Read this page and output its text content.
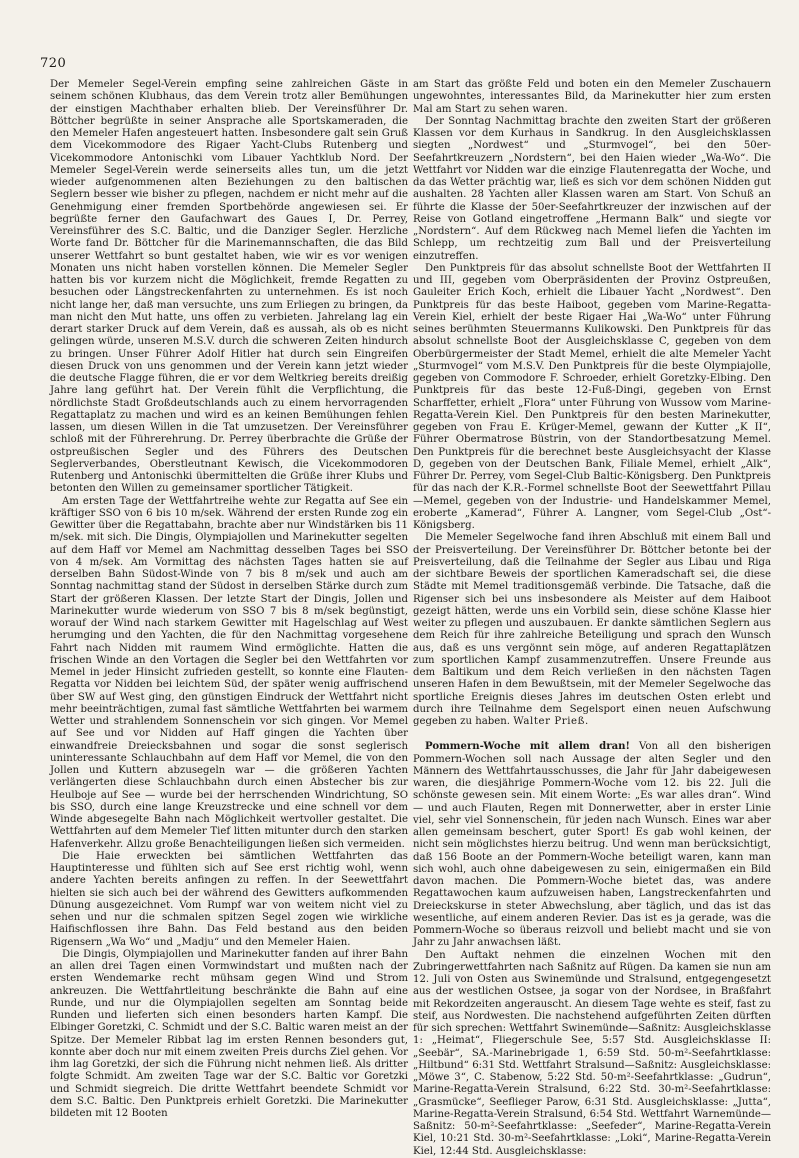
720

Der Memeler Segel-Verein empfing seine zahlreichen Gäste in seinem schönen Klubhaus, das dem Verein trotz aller Bemühungen der einstigen Machthaber erhalten blieb. Der Vereinsführer Dr. Böttcher begrüßte in seiner Ansprache alle Sportskameraden, die den Memeler Hafen angesteuert hatten. Insbesondere galt sein Gruß dem Vicekommodore des Rigaer Yacht-Clubs Rutenberg und Vicekommodore Antonischki vom Libauer Yachtklub Nord. Der Memeler Segel-Verein werde seinerseits alles tun, um die jetzt wieder aufgenommenen alten Beziehungen zu den baltischen Seglern besser wie bisher zu pflegen, nachdem er nicht mehr auf die Genehmigung einer fremden Sportbehörde angewiesen sei. Er begrüßte ferner den Gaufachwart des Gaues I, Dr. Perrey, Vereinsführer des S.C. Baltic, und die Danziger Segler. Herzliche Worte fand Dr. Böttcher für die Marinemannschaften, die das Bild unserer Wettfahrt so bunt gestaltet haben, wie wir es vor wenigen Monaten uns nicht haben vorstellen können. Die Memeler Segler hatten bis vor kurzem nicht die Möglichkeit, fremde Regatten zu besuchen oder Längstreckenfahrten zu unternehmen. Es ist noch nicht lange her, daß man versuchte, uns zum Erliegen zu bringen, da man nicht den Mut hatte, uns offen zu verbieten. Jahrelang lag ein derart starker Druck auf dem Verein, daß es aussah, als ob es nicht gelingen würde, unseren M.S.V. durch die schweren Zeiten hindurch zu bringen. Unser Führer Adolf Hitler hat durch sein Eingreifen diesen Druck von uns genommen und der Verein kann jetzt wieder die deutsche Flagge führen, die er vor dem Weltkrieg bereits dreißig Jahre lang geführt hat. Der Verein fühlt die Verpflichtung, die nördlichste Stadt Großdeutschlands auch zu einem hervorragenden Regattaplatz zu machen und wird es an keinen Bemühungen fehlen lassen, um diesen Willen in die Tat umzusetzen. Der Vereinsführer schloß mit der Führerehrung. Dr. Perrey überbrachte die Grüße der ostpreußischen Segler und des Führers des Deutschen Seglerverbandes, Oberstleutnant Kewisch, die Vicekommodoren Rutenberg und Antonischki übermittelten die Grüße ihrer Klubs und betonten den Willen zu gemeinsamer sportlicher Tätigkeit.

Am ersten Tage der Wettfahrtreihe wehte zur Regatta auf See ein kräftiger SSO von 6 bis 10 m/sek. Während der ersten Runde zog ein Gewitter über die Regattabahn, brachte aber nur Windstärken bis 11 m/sek. mit sich. Die Dingis, Olympiajollen und Marinekutter segelten auf dem Haff vor Memel am Nachmittag desselben Tages bei SSO von 4 m/sek. Am Vormittag des nächsten Tages hatten sie auf derselben Bahn Südost-Winde von 7 bis 8 m/sek und auch am Sonntag nachmittag stand der Südost in derselben Stärke durch zum Start der größeren Klassen. Der letzte Start der Dingis, Jollen und Marinekutter wurde wiederum von SSO 7 bis 8 m/sek begünstigt, worauf der Wind nach starkem Gewitter mit Hagelschlag auf West herumging und den Yachten, die für den Nachmittag vorgesehene Fahrt nach Nidden mit raumem Wind ermöglichte. Hatten die frischen Winde an den Vortagen die Segler bei den Wettfahrten vor Memel in jeder Hinsicht zufrieden gestellt, so konnte eine Flauten-Regatta vor Nidden bei leichtem Süd, der später wenig auffrischend über SW auf West ging, den günstigen Eindruck der Wettfahrt nicht mehr beeinträchtigen, zumal fast sämtliche Wettfahrten bei warmem Wetter und strahlendem Sonnenschein vor sich gingen. Vor Memel auf See und vor Nidden auf Haff gingen die Yachten über einwandfreie Dreiecksbahnen und sogar die sonst seglerisch uninteressante Schlauchbahn auf dem Haff vor Memel, die von den Jollen und Kuttern abzusegeln war — die größeren Yachten verlängerten diese Schlauchbahn durch einen Abstecher bis zur Heulboje auf See — wurde bei der herrschenden Windrichtung, SO bis SSO, durch eine lange Kreuzstrecke und eine schnell vor dem Winde abgesegelte Bahn nach Möglichkeit wertvoller gestaltet. Die Wettfahrten auf dem Memeler Tief litten mitunter durch den starken Hafenverkehr. Allzu große Benachteiligungen ließen sich vermeiden.

Die Haie erweckten bei sämtlichen Wettfahrten das Hauptinteresse und fühlten sich auf See erst richtig wohl, wenn andere Yachten bereits anfingen zu reffen. In der Seewettfahrt hielten sie sich auch bei der während des Gewitters aufkommenden Dünung ausgezeichnet. Vom Rumpf war von weitem nicht viel zu sehen und nur die schmalen spitzen Segel zogen wie wirkliche Haifischflossen ihre Bahn. Das Feld bestand aus den beiden Rigensern „Wa Wo“ und „Madju“ und den Memeler Haien.

Die Dingis, Olympiajollen und Marinekutter fanden auf ihrer Bahn an allen drei Tagen einen Vormwindstart und mußten nach der ersten Wendemarke recht mühsam gegen Wind und Strom ankreuzen. Die Wettfahrtleitung beschränkte die Bahn auf eine Runde, und nur die Olympiajollen segelten am Sonntag beide Runden und lieferten sich einen besonders harten Kampf. Die Elbinger Goretzki, C. Schmidt und der S.C. Baltic waren meist an der Spitze. Der Memeler Ribbat lag im ersten Rennen besonders gut, konnte aber doch nur mit einem zweiten Preis durchs Ziel gehen. Vor ihm lag Goretzki, der sich die Führung nicht nehmen ließ. Als dritter folgte Schmidt. Am zweiten Tage war der S.C. Baltic vor Goretzki und Schmidt siegreich. Die dritte Wettfahrt beendete Schmidt vor dem S.C. Baltic. Den Punktpreis erhielt Goretzki. Die Marinekutter bildeten mit 12 Booten

am Start das größte Feld und boten ein den Memeler Zuschauern ungewohntes, interessantes Bild, da Marinekutter hier zum ersten Mal am Start zu sehen waren.

Der Sonntag Nachmittag brachte den zweiten Start der größeren Klassen vor dem Kurhaus in Sandkrug. In den Ausgleichsklassen siegten „Nordwest“ und „Sturmvogel“, bei den 50er-Seefahrtkreuzern „Nordstern“, bei den Haien wieder „Wa-Wo“. Die Wettfahrt vor Nidden war die einzige Flautenregatta der Woche, und da das Wetter prächtig war, ließ es sich vor dem schönen Nidden gut aushalten. 28 Yachten aller Klassen waren am Start. Von Schuß an führte die Klasse der 50er-Seefahrtkreuzer der inzwischen auf der Reise von Gotland eingetroffene „Hermann Balk“ und siegte vor „Nordstern“. Auf dem Rückweg nach Memel liefen die Yachten im Schlepp, um rechtzeitig zum Ball und der Preisverteilung einzutreffen.

Den Punktpreis für das absolut schnellste Boot der Wettfahrten II und III, gegeben vom Oberpräsidenten der Provinz Ostpreußen, Gauleiter Erich Koch, erhielt die Libauer Yacht „Nordwest“. Den Punktpreis für das beste Haiboot, gegeben vom Marine-Regatta-Verein Kiel, erhielt der beste Rigaer Hai „Wa-Wo“ unter Führung seines berühmten Steuermanns Kulikowski. Den Punktpreis für das absolut schnellste Boot der Ausgleichsklasse C, gegeben von dem Oberbürgermeister der Stadt Memel, erhielt die alte Memeler Yacht „Sturmvogel“ vom M.S.V. Den Punktpreis für die beste Olympiajolle, gegeben von Commodore F. Schroeder, erhielt Goretzky-Elbing. Den Punktpreis für das beste 12-Fuß-Dingi, gegeben von Ernst Scharffetter, erhielt „Flora“ unter Führung von Wussow vom Marine-Regatta-Verein Kiel. Den Punktpreis für den besten Marinekutter, gegeben von Frau E. Krüger-Memel, gewann der Kutter „K II“, Führer Obermatrose Büstrin, von der Standortbesatzung Memel. Den Punktpreis für die berechnet beste Ausgleichsyacht der Klasse D, gegeben von der Deutschen Bank, Filiale Memel, erhielt „Alk“, Führer Dr. Perrey, vom Segel-Club Baltic-Königsberg. Den Punktpreis für das nach der K.R.-Formel schnellste Boot der Seewettfahrt Pillau—Memel, gegeben von der Industrie- und Handelskammer Memel, eroberte „Kamerad“, Führer A. Langner, vom Segel-Club „Ost“-Königsberg.

Die Memeler Segelwoche fand ihren Abschluß mit einem Ball und der Preisverteilung. Der Vereinsführer Dr. Böttcher betonte bei der Preisverteilung, daß die Teilnahme der Segler aus Libau und Riga der sichtbare Beweis der sportlichen Kameradschaft sei, die diese Städte mit Memel traditionsgemäß verbinde. Die Tatsache, daß die Rigenser sich bei uns insbesondere als Meister auf dem Haiboot gezeigt hätten, werde uns ein Vorbild sein, diese schöne Klasse hier weiter zu pflegen und auszubauen. Er dankte sämtlichen Seglern aus dem Reich für ihre zahlreiche Beteiligung und sprach den Wunsch aus, daß es uns vergönnt sein möge, auf anderen Regattaplätzen zum sportlichen Kampf zusammenzutreffen. Unsere Freunde aus dem Baltikum und dem Reich verließen in den nächsten Tagen unseren Hafen in dem Bewußtsein, mit der Memeler Segelwoche das sportliche Ereignis dieses Jahres im deutschen Osten erlebt und durch ihre Teilnahme dem Segelsport einen neuen Aufschwung gegeben zu haben. Walter Prieß.

Pommern-Woche mit allem dran! Von all den bisherigen Pommern-Wochen soll nach Aussage der alten Segler und den Männern des Wettfahrtausschusses, die Jahr für Jahr dabeigewesen waren, die diesjährige Pommern-Woche vom 12. bis 22. Juli die schönste gewesen sein. Mit einem Worte: „Es war alles dran“. Wind — und auch Flauten, Regen mit Donnerwetter, aber in erster Linie viel, sehr viel Sonnenschein, für jeden nach Wunsch. Eines war aber allen gemeinsam beschert, guter Sport! Es gab wohl keinen, der nicht sein möglichstes hierzu beitrug. Und wenn man berücksichtigt, daß 156 Boote an der Pommern-Woche beteiligt waren, kann man sich wohl, auch ohne dabeigewesen zu sein, einigermaßen ein Bild davon machen. Die Pommern-Woche bietet das, was andere Regattawochen kaum aufzuweisen haben, Langstreckenfahrten und Dreieckskurse in steter Abwechslung, aber täglich, und das ist das wesentliche, auf einem anderen Revier. Das ist es ja gerade, was die Pommern-Woche so überaus reizvoll und beliebt macht und sie von Jahr zu Jahr anwachsen läßt.

Den Auftakt nehmen die einzelnen Wochen mit den Zubringerwettfahrten nach Saßnitz auf Rügen. Da kamen sie nun am 12. Juli von Osten aus Swinemünde und Stralsund, entgegengesetzt aus der westlichen Ostsee, ja sogar von der Nordsee, in Braßfahrt mit Rekordzeiten angerauscht. An diesem Tage wehte es steif, fast zu steif, aus Nordwesten. Die nachstehend aufgeführten Zeiten dürften für sich sprechen: Wettfahrt Swinemünde—Saßnitz: Ausgleichsklasse 1: „Heimat“, Fliegerschule See, 5:57 Std. Ausgleichsklasse II: „Seebär“, SA.-Marinebrigade 1, 6:59 Std. 50-m²-Seefahrtklasse: „Hiltbund“ 6:31 Std. Wettfahrt Stralsund—Saßnitz: Ausgleichsklasse: „Möwe 3“, C. Stabenow, 5:22 Std. 50-m²-Seefahrtklasse: „Gudrun“, Marine-Regatta-Verein Stralsund, 6:22 Std. 30-m²-Seefahrtklasse: „Grasmücke“, Seeflieger Parow, 6:31 Std. Ausgleichsklasse: „Jutta“, Marine-Regatta-Verein Stralsund, 6:54 Std. Wettfahrt Warnemünde—Saßnitz: 50-m²-Seefahrtklasse: „Seefeder“, Marine-Regatta-Verein Kiel, 10:21 Std. 30-m²-Seefahrtklasse: „Loki“, Marine-Regatta-Verein Kiel, 12:44 Std. Ausgleichsklasse:
